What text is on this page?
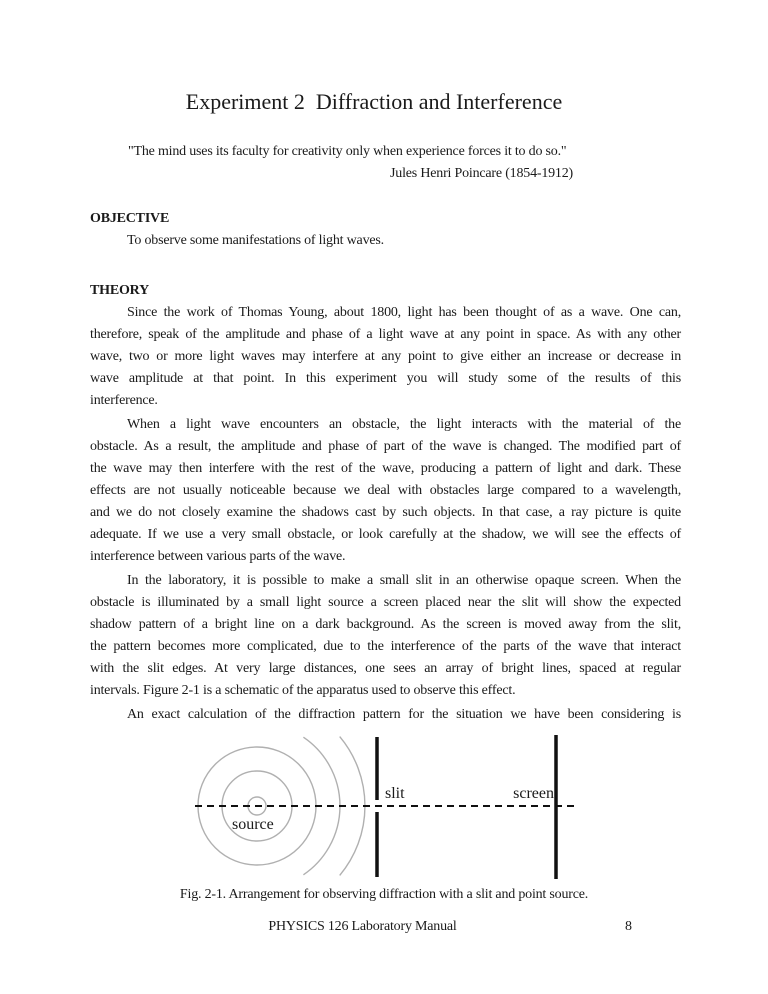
Experiment 2  Diffraction and Interference
"The mind uses its faculty for creativity only when experience forces it to do so."
Jules Henri Poincare (1854-1912)
OBJECTIVE
To observe some manifestations of light waves.
THEORY
Since the work of Thomas Young, about 1800, light has been thought of as a wave. One can,
therefore, speak of the amplitude and phase of a light wave at any point in space. As with any other
wave, two or more light waves may interfere at any point to give either an increase or decrease in
wave amplitude at that point. In this experiment you will study some of the results of this
interference.
When a light wave encounters an obstacle, the light interacts with the material of the
obstacle. As a result, the amplitude and phase of part of the wave is changed. The modified part of
the wave may then interfere with the rest of the wave, producing a pattern of light and dark. These
effects are not usually noticeable because we deal with obstacles large compared to a wavelength,
and we do not closely examine the shadows cast by such objects. In that case, a ray picture is quite
adequate. If we use a very small obstacle, or look carefully at the shadow, we will see the effects of
interference between various parts of the wave.
In the laboratory, it is possible to make a small slit in an otherwise opaque screen. When the
obstacle is illuminated by a small light source a screen placed near the slit will show the expected
shadow pattern of a bright line on a dark background. As the screen is moved away from the slit,
the pattern becomes more complicated, due to the interference of the parts of the wave that interact
with the slit edges. At very large distances, one sees an array of bright lines, spaced at regular
intervals. Figure 2-1 is a schematic of the apparatus used to observe this effect.
An exact calculation of the diffraction pattern for the situation we have been considering is
source
slit	screen
Fig. 2-1. Arrangement for observing diffraction with a slit and point source.
PHYSICS 126 Laboratory Manual	8
